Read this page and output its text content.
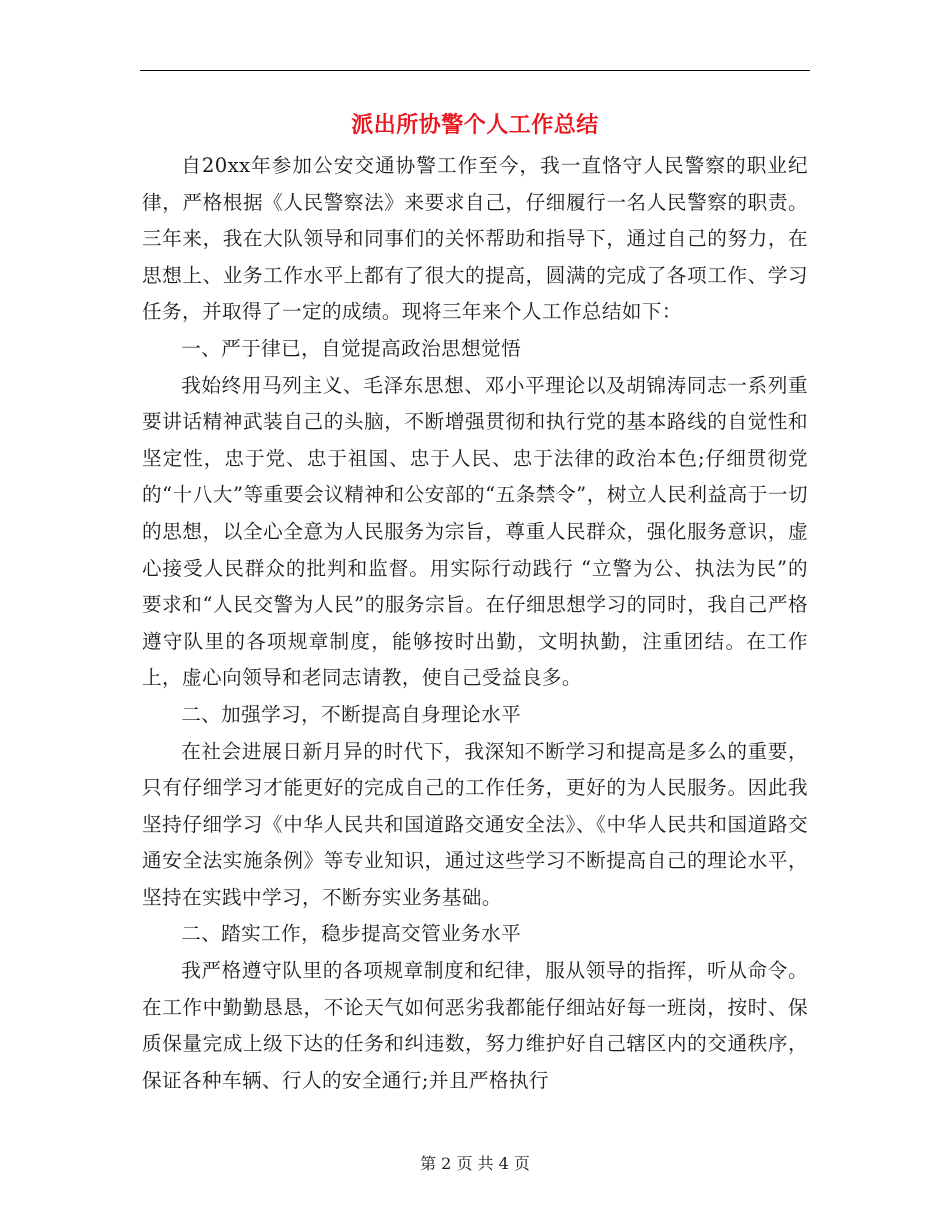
派出所协警个人工作总结

自20xx年参加公安交通协警工作至今，我一直恪守人民警察的职业纪律，严格根据《人民警察法》来要求自己，仔细履行一名人民警察的职责。三年来，我在大队领导和同事们的关怀帮助和指导下，通过自己的努力，在思想上、业务工作水平上都有了很大的提高，圆满的完成了各项工作、学习任务，并取得了一定的成绩。现将三年来个人工作总结如下：

一、严于律已，自觉提高政治思想觉悟

我始终用马列主义、毛泽东思想、邓小平理论以及胡锦涛同志一系列重要讲话精神武装自己的头脑，不断增强贯彻和执行党的基本路线的自觉性和坚定性，忠于党、忠于祖国、忠于人民、忠于法律的政治本色;仔细贯彻党的“十八大”等重要会议精神和公安部的“五条禁令”，树立人民利益高于一切的思想，以全心全意为人民服务为宗旨，尊重人民群众，强化服务意识，虚心接受人民群众的批判和监督。用实际行动践行 “立警为公、执法为民”的要求和“人民交警为人民”的服务宗旨。在仔细思想学习的同时，我自己严格遵守队里的各项规章制度，能够按时出勤，文明执勤，注重团结。在工作上，虚心向领导和老同志请教，使自己受益良多。

二、加强学习，不断提高自身理论水平

在社会进展日新月异的时代下，我深知不断学习和提高是多么的重要，只有仔细学习才能更好的完成自己的工作任务，更好的为人民服务。因此我坚持仔细学习《中华人民共和国道路交通安全法》、《中华人民共和国道路交通安全法实施条例》等专业知识，通过这些学习不断提高自己的理论水平，坚持在实践中学习，不断夯实业务基础。

二、踏实工作，稳步提高交管业务水平

我严格遵守队里的各项规章制度和纪律，服从领导的指挥，听从命令。在工作中勤勤恳恳，不论天气如何恶劣我都能仔细站好每一班岗，按时、保质保量完成上级下达的任务和纠违数，努力维护好自己辖区内的交通秩序，保证各种车辆、行人的安全通行;并且严格执行

第 2 页 共 4 页
